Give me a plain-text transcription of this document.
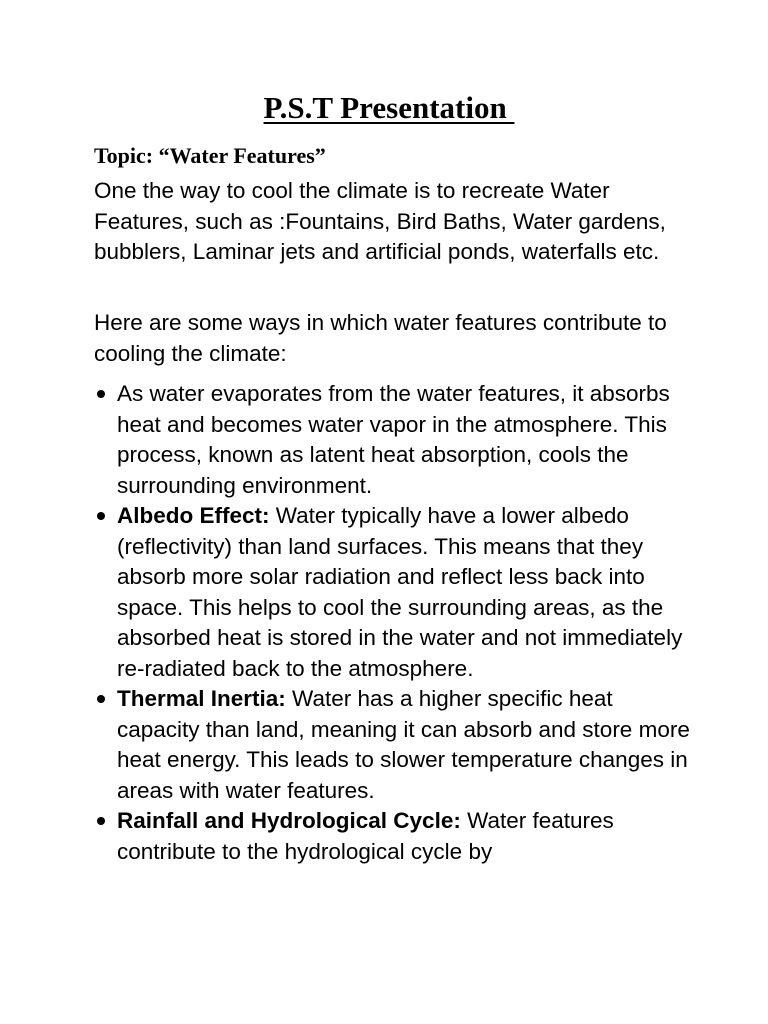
P.S.T Presentation
Topic: “Water Features”

One the way to cool the climate is to recreate Water Features, such as :Fountains, Bird Baths, Water gardens, bubblers, Laminar jets and artificial ponds, waterfalls etc.

Here are some ways in which water features contribute to cooling the climate:

As water evaporates from the water features, it absorbs heat and becomes water vapor in the atmosphere. This process, known as latent heat absorption, cools the surrounding environment.
Albedo Effect: Water typically have a lower albedo (reflectivity) than land surfaces. This means that they absorb more solar radiation and reflect less back into space. This helps to cool the surrounding areas, as the absorbed heat is stored in the water and not immediately re-radiated back to the atmosphere.
Thermal Inertia: Water has a higher specific heat capacity than land, meaning it can absorb and store more heat energy. This leads to slower temperature changes in areas with water features.
Rainfall and Hydrological Cycle: Water features contribute to the hydrological cycle by
